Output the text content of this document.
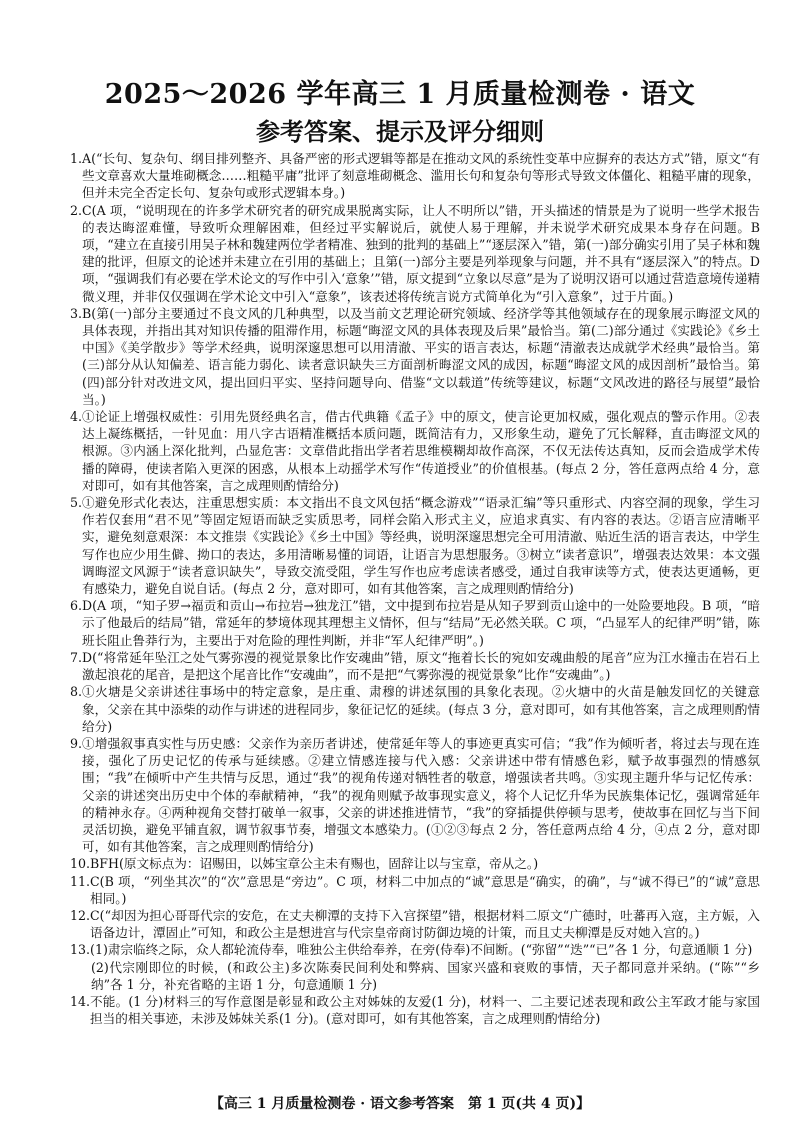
2025～2026 学年高三 1 月质量检测卷 · 语文
参考答案、提示及评分细则
1. A(“长句、复杂句、纲目排列整齐、具备严密的形式逻辑等都是在推动文风的系统性变革中应摒弃的表达方式”错，原文“有些文章喜欢大量堆砌概念……粗糙平庸”批评了刻意堆砌概念、滥用长句和复杂句等形式导致文体僵化、粗糙平庸的现象，但并未完全否定长句、复杂句或形式逻辑本身。)
2. C(A 项，“说明现在的许多学术研究者的研究成果脱离实际，让人不明所以”错，开头描述的情景是为了说明一些学术报告的表达晦涩难懂，导致听众理解困难，但经过平实解说后，就使人易于理解，并未说学术研究成果本身存在问题。B 项，“建立在直接引用吴子林和魏建两位学者精准、独到的批判的基础上”“逐层深入”错，第(一)部分确实引用了吴子林和魏建的批评，但原文的论述并未建立在引用的基础上；且第(一)部分主要是列举现象与问题，并不具有“逐层深入”的特点。D 项，“强调我们有必要在学术论文的写作中引入‘意象’”错，原文提到“立象以尽意”是为了说明汉语可以通过营造意境传递精微义理，并非仅仅强调在学术论文中引入“意象”，该表述将传统言说方式简单化为“引入意象”，过于片面。)
3. B(第(一)部分主要通过不良文风的几种典型，以及当前文艺理论研究领域、经济学等其他领域存在的现象展示晦涩文风的具体表现，并指出其对知识传播的阻滞作用，标题“晦涩文风的具体表现及后果”最恰当。第(二)部分通过《实践论》《乡土中国》《美学散步》等学术经典，说明深邃思想可以用清澈、平实的语言表达，标题“清澈表达成就学术经典”最恰当。第(三)部分从认知偏差、语言能力弱化、读者意识缺失三方面剖析晦涩文风的成因，标题“晦涩文风的成因剖析”最恰当。第(四)部分针对改进文风，提出回归平实、坚持问题导向、借鉴“文以载道”传统等建议，标题“文风改进的路径与展望”最恰当。)
4. ①论证上增强权威性：引用先贤经典名言，借古代典籍《孟子》中的原文，使言论更加权威，强化观点的警示作用。②表达上凝练概括，一针见血：用八字古语精准概括本质问题，既简洁有力，又形象生动，避免了冗长解释，直击晦涩文风的根源。③内涵上深化批判，凸显危害：文章借此指出学者若思维模糊却故作高深，不仅无法传达真知，反而会造成学术传播的障碍，使读者陷入更深的困惑，从根本上动摇学术写作“传道授业”的价值根基。(每点 2 分，答任意两点给 4 分，意对即可，如有其他答案，言之成理则酌情给分)
5. ①避免形式化表达，注重思想实质：本文指出不良文风包括“概念游戏”“语录汇编”等只重形式、内容空洞的现象，学生习作若仅套用“君不见”等固定短语而缺乏实质思考，同样会陷入形式主义，应追求真实、有内容的表达。②语言应清晰平实，避免刻意艰深：本文推崇《实践论》《乡土中国》等经典，说明深邃思想完全可用清澈、贴近生活的语言表达，中学生写作也应少用生僻、拗口的表达，多用清晰易懂的词语，让语言为思想服务。③树立“读者意识”，增强表达效果：本文强调晦涩文风源于“读者意识缺失”，导致交流受阻，学生写作也应考虑读者感受，通过自我审读等方式，使表达更通畅，更有感染力，避免自说自话。(每点 2 分，意对即可，如有其他答案，言之成理则酌情给分)
6. D(A 项，“知子罗→福贡和贡山→布拉岩→独龙江”错，文中提到布拉岩是从知子罗到贡山途中的一处险要地段。B 项，“暗示了他最后的结局”错，常延年的梦境体现其理想主义情怀，但与“结局”无必然关联。C 项，“凸显军人的纪律严明”错，陈班长阻止鲁莽行为，主要出于对危险的理性判断，并非“军人纪律严明”。)
7. D(“将常延年坠江之处气雾弥漫的视觉景象比作安魂曲”错，原文“拖着长长的宛如安魂曲般的尾音”应为江水撞击在岩石上激起浪花的尾音，是把这个尾音比作“安魂曲”，而不是把“气雾弥漫的视觉景象”比作“安魂曲”。)
8. ①火塘是父亲讲述往事场中的特定意象，是庄重、肃穆的讲述氛围的具象化表现。②火塘中的火苗是触发回忆的关键意象，父亲在其中添柴的动作与讲述的进程同步，象征记忆的延续。(每点 3 分，意对即可，如有其他答案，言之成理则酌情给分)
9. ①增强叙事真实性与历史感：父亲作为亲历者讲述，使常延年等人的事迹更真实可信；“我”作为倾听者，将过去与现在连接，强化了历史记忆的传承与延续感。②建立情感连接与代入感：父亲讲述中带有情感色彩，赋予故事强烈的情感氛围；“我”在倾听中产生共情与反思，通过“我”的视角传递对牺牲者的敬意，增强读者共鸣。③实现主题升华与记忆传承：父亲的讲述突出历史中个体的奉献精神，“我”的视角则赋予故事现实意义，将个人记忆升华为民族集体记忆，强调常延年的精神永存。④两种视角交替打破单一叙事，父亲的讲述推进情节，“我”的穿插提供停顿与思考，使故事在回忆与当下间灵活切换，避免平铺直叙，调节叙事节奏，增强文本感染力。(①②③每点 2 分，答任意两点给 4 分，④点 2 分，意对即可，如有其他答案，言之成理则酌情给分)
10. BFH(原文标点为：诏赐田，以姊宝章公主未有赐也，固辞让以与宝章，帝从之。)
11. C(B 项，“列坐其次”的“次”意思是“旁边”。C 项，材料二中加点的“诚”意思是“确实，的确”，与“诚不得已”的“诚”意思相同。)
12. C(“却因为担心哥哥代宗的安危，在丈夫柳潭的支持下入宫探望”错，根据材料二原文“广德时，吐蕃再入寇，主方娠，入语备边计，潭固止”可知，和政公主是想进宫与代宗皇帝商讨防御边境的计策，而且丈夫柳潭是反对她入宫的。)
13. (1)肃宗临终之际，众人都轮流侍奉，唯独公主供给奉养，在旁(侍奉)不间断。(“弥留”“迭”“已”各 1 分，句意通顺 1 分)
(2)代宗刚即位的时候，(和政公主)多次陈奏民间利处和弊病、国家兴盛和衰败的事情，天子都同意并采纳。(“陈”“乡纳”各 1 分，补充省略的主语 1 分，句意通顺 1 分)
14. 不能。(1 分)材料三的写作意图是彰显和政公主对姊妹的友爱(1 分)，材料一、二主要记述表现和政公主军政才能与家国担当的相关事迹，未涉及姊妹关系(1 分)。(意对即可，如有其他答案，言之成理则酌情给分)
【高三 1 月质量检测卷 · 语文参考答案　第 1 页(共 4 页)】
